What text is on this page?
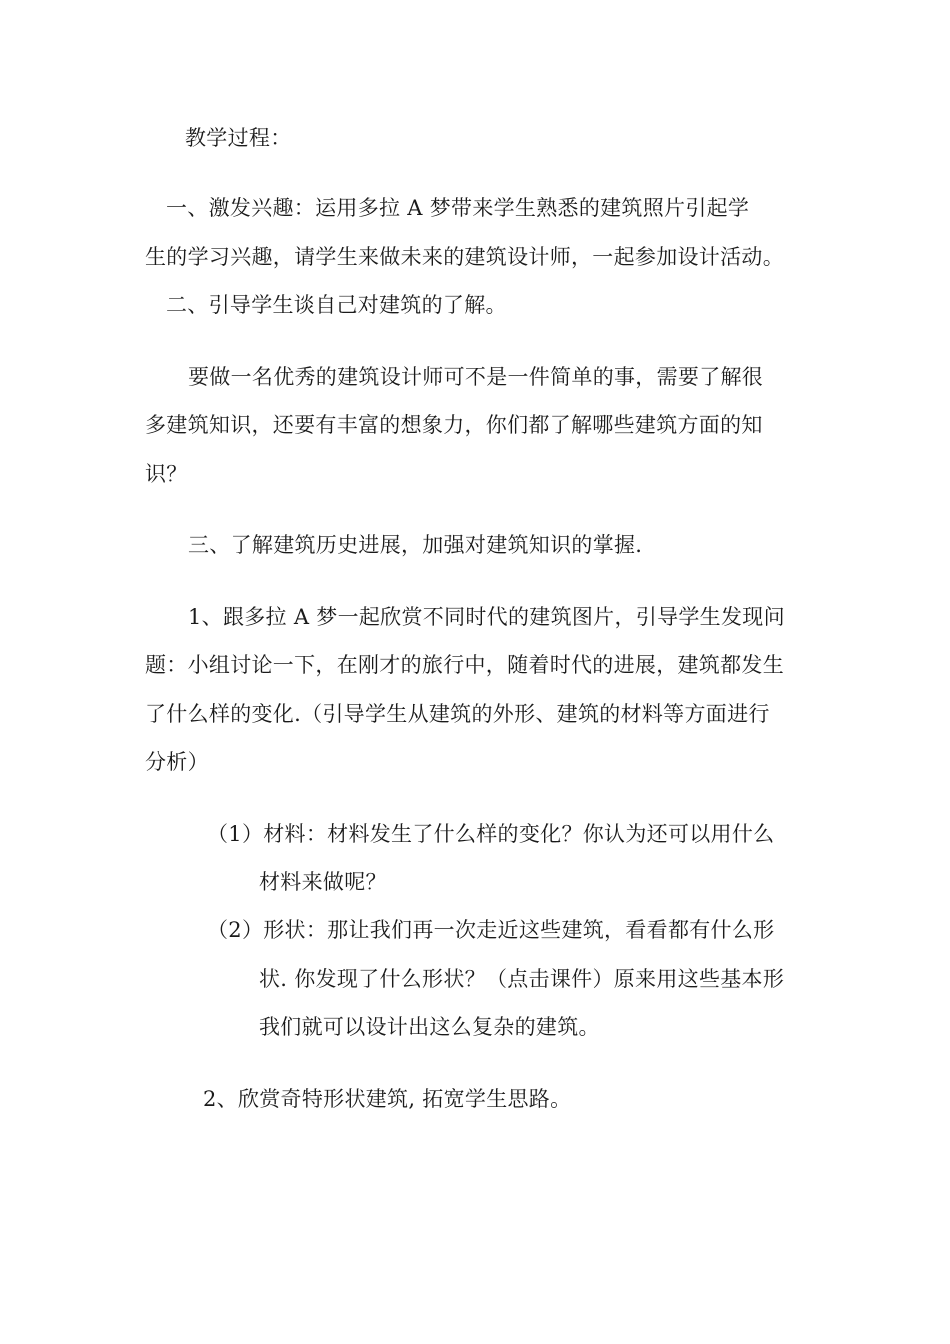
教学过程：
一、激发兴趣：运用多拉 A 梦带来学生熟悉的建筑照片引起学
生的学习兴趣，请学生来做未来的建筑设计师，一起参加设计活动。
二、引导学生谈自己对建筑的了解。
要做一名优秀的建筑设计师可不是一件简单的事，需要了解很
多建筑知识，还要有丰富的想象力，你们都了解哪些建筑方面的知
识？
三、了解建筑历史进展，加强对建筑知识的掌握.
1、跟多拉 A 梦一起欣赏不同时代的建筑图片，引导学生发现问
题：小组讨论一下，在刚才的旅行中，随着时代的进展，建筑都发生
了什么样的变化.（引导学生从建筑的外形、建筑的材料等方面进行
分析）
（1）材料：材料发生了什么样的变化？你认为还可以用什么
材料来做呢？
（2）形状：那让我们再一次走近这些建筑，看看都有什么形
状. 你发现了什么形状？（点击课件）原来用这些基本形
我们就可以设计出这么复杂的建筑。
2、欣赏奇特形状建筑, 拓宽学生思路。
